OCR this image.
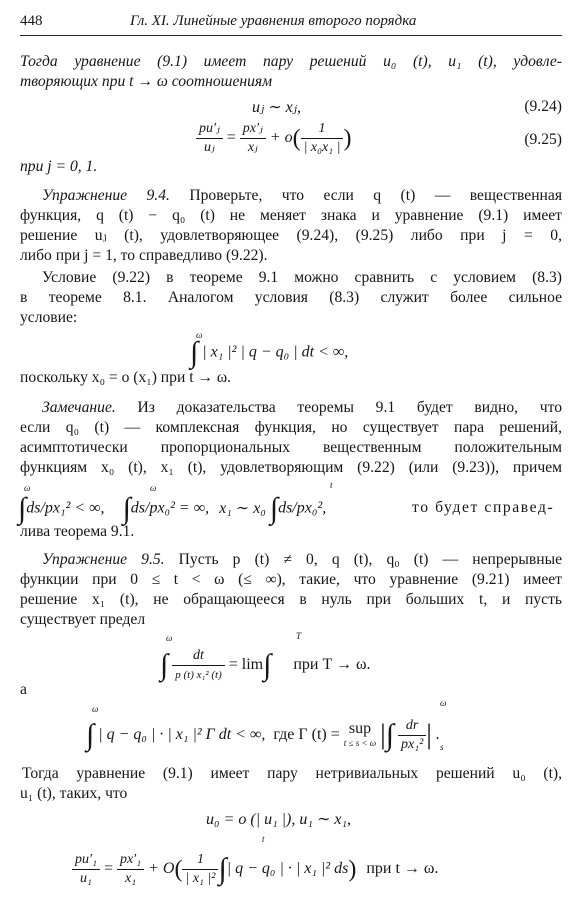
448	Гл. XI. Линейные уравнения второго порядка
Тогда уравнение (9.1) имеет пару решений u₀ (t), u₁ (t), удовле-
творяющих при t → ω соотношениям
uⱼ ∼ xⱼ,	(9.24)
$\frac{\text{pu′ⱼ}}{\text{uⱼ}} = \frac{\text{px′ⱼ}}{\text{xⱼ}} + o( \frac{1}{\text{| x₀x₁ |}}$ )	(9.25)
при j = 0, 1.
Упражнение 9.4. Проверьте, что если q (t) — вещественная
функция, q (t) − q₀ (t) не меняет знака и уравнение (9.1) имеет
решение uⱼ (t), удовлетворяющее (9.24), (9.25) либо при j = 0,
либо при j = 1, то справедливо (9.22).
Условие (9.22) в теореме 9.1 можно сравнить с условием (8.3)
в теореме 8.1. Аналогом условия (8.3) служит более сильное
условие:
ω
∫ | x₁ |² | q − q₀ | dt < ∞,
поскольку x₀ = o (x₁) при t → ω.
Замечание. Из доказательства теоремы 9.1 будет видно, что
если q₀ (t) — комплексная функция, но существует пара решений,
асимптотически пропорциональных вещественным положительным
функциям x₀ (t), x₁ (t), удовлетворяющим (9.22) (или (9.23)), причем
ω	ω	t
∫ds/px₁² < ∞, ∫ds/px₀² = ∞, x₁ ∼ x₀ ∫ds/px₀²,	то будет справед-
лива теорема 9.1.
Упражнение 9.5. Пусть p (t) ≠ 0, q (t), q₀ (t) — непрерывные
функции при 0 ≤ t < ω (≤ ∞), такие, что уравнение (9.21) имеет
решение x₁ (t), не обращающееся в нуль при больших t, и пусть
существует предел
ω	T
∫ $\frac{dt}{\text{p (t) x₁² (t)}} = \lim\int$ при T → ω.
а
ω
ω
s
∫ | q − q₀ | · | x₁ |² Γ dt < ∞, где Γ (t) = sup
t ≤ s < ω |∫ $\frac{dr}{\text{px₁²}}$ | .
Тогда уравнение (9.1) имеет пару нетривиальных решений u₀ (t),
u₁ (t), таких, что
u₀ = o (| u₁ |), u₁ ∼ x₁,
t
$\frac{\text{pu′₁}}{\text{u₁}} = \frac{\text{px′₁}}{\text{x₁}} + O( \frac{1}{\text{| x₁ |²}}$ ∫| q − q₀ | · | x₁ |² ds) при t → ω.
